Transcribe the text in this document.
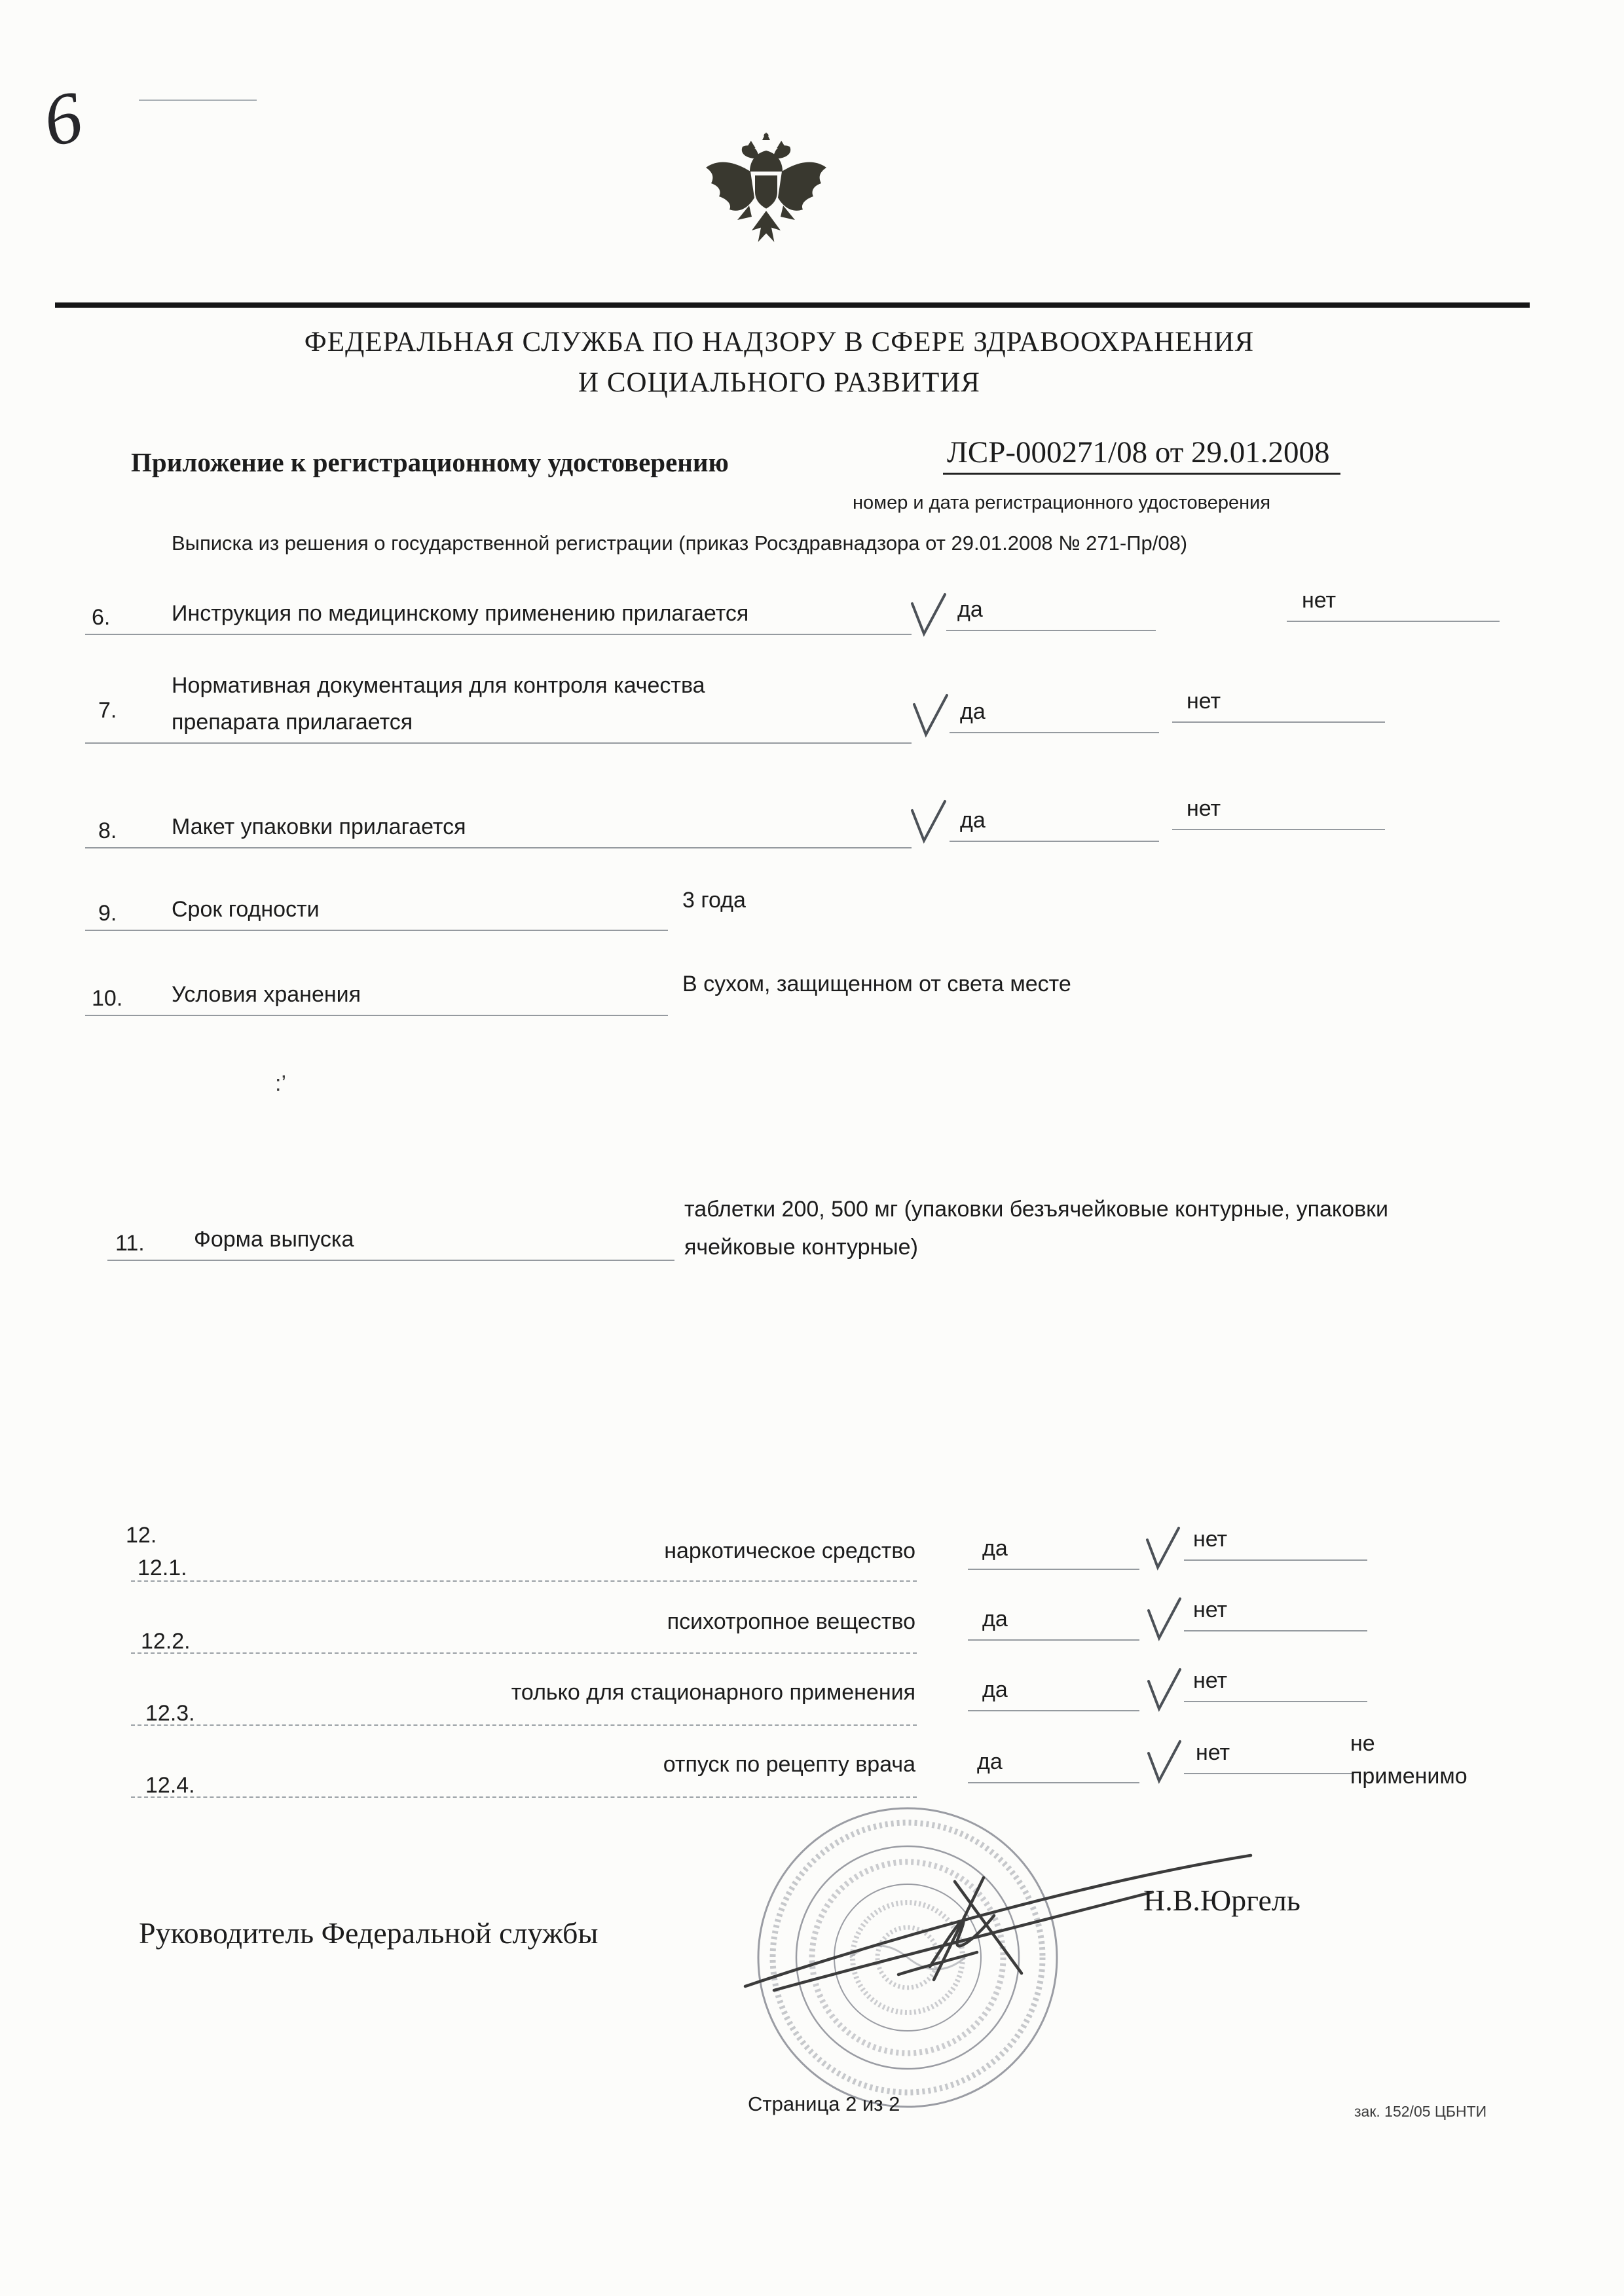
6
ФЕДЕРАЛЬНАЯ СЛУЖБА ПО НАДЗОРУ В СФЕРЕ ЗДРАВООХРАНЕНИЯ
И СОЦИАЛЬНОГО РАЗВИТИЯ
Приложение к регистрационному удостоверению	ЛСР-000271/08 от 29.01.2008
номер и дата регистрационного удостоверения
Выписка из решения о государственной регистрации (приказ Росздравнадзора от 29.01.2008 № 271-Пр/08)
6.	Инструкция по медицинскому применению прилагается	да	нет
7.
Нормативная документация для контроля качества
препарата прилагается	да	нет
8. Макет упаковки прилагается	да	нет
9. Срок годности	3 года
10. Условия хранения	В сухом, защищенном от света месте
:’
11. Форма выпуска
таблетки 200, 500 мг (упаковки безъячейковые контурные, упаковки
ячейковые контурные)
12.
12.1.
наркотическое средство	да	нет
12.2.
психотропное вещество	да	нет
12.3.
только для стационарного применения	да	нет
12.4.
отпуск по рецепту врача	да	нет	не
применимо
Руководитель Федеральной службы
Н.В.Юргель
Страница 2 из 2	зак. 152/05 ЦБНТИ
